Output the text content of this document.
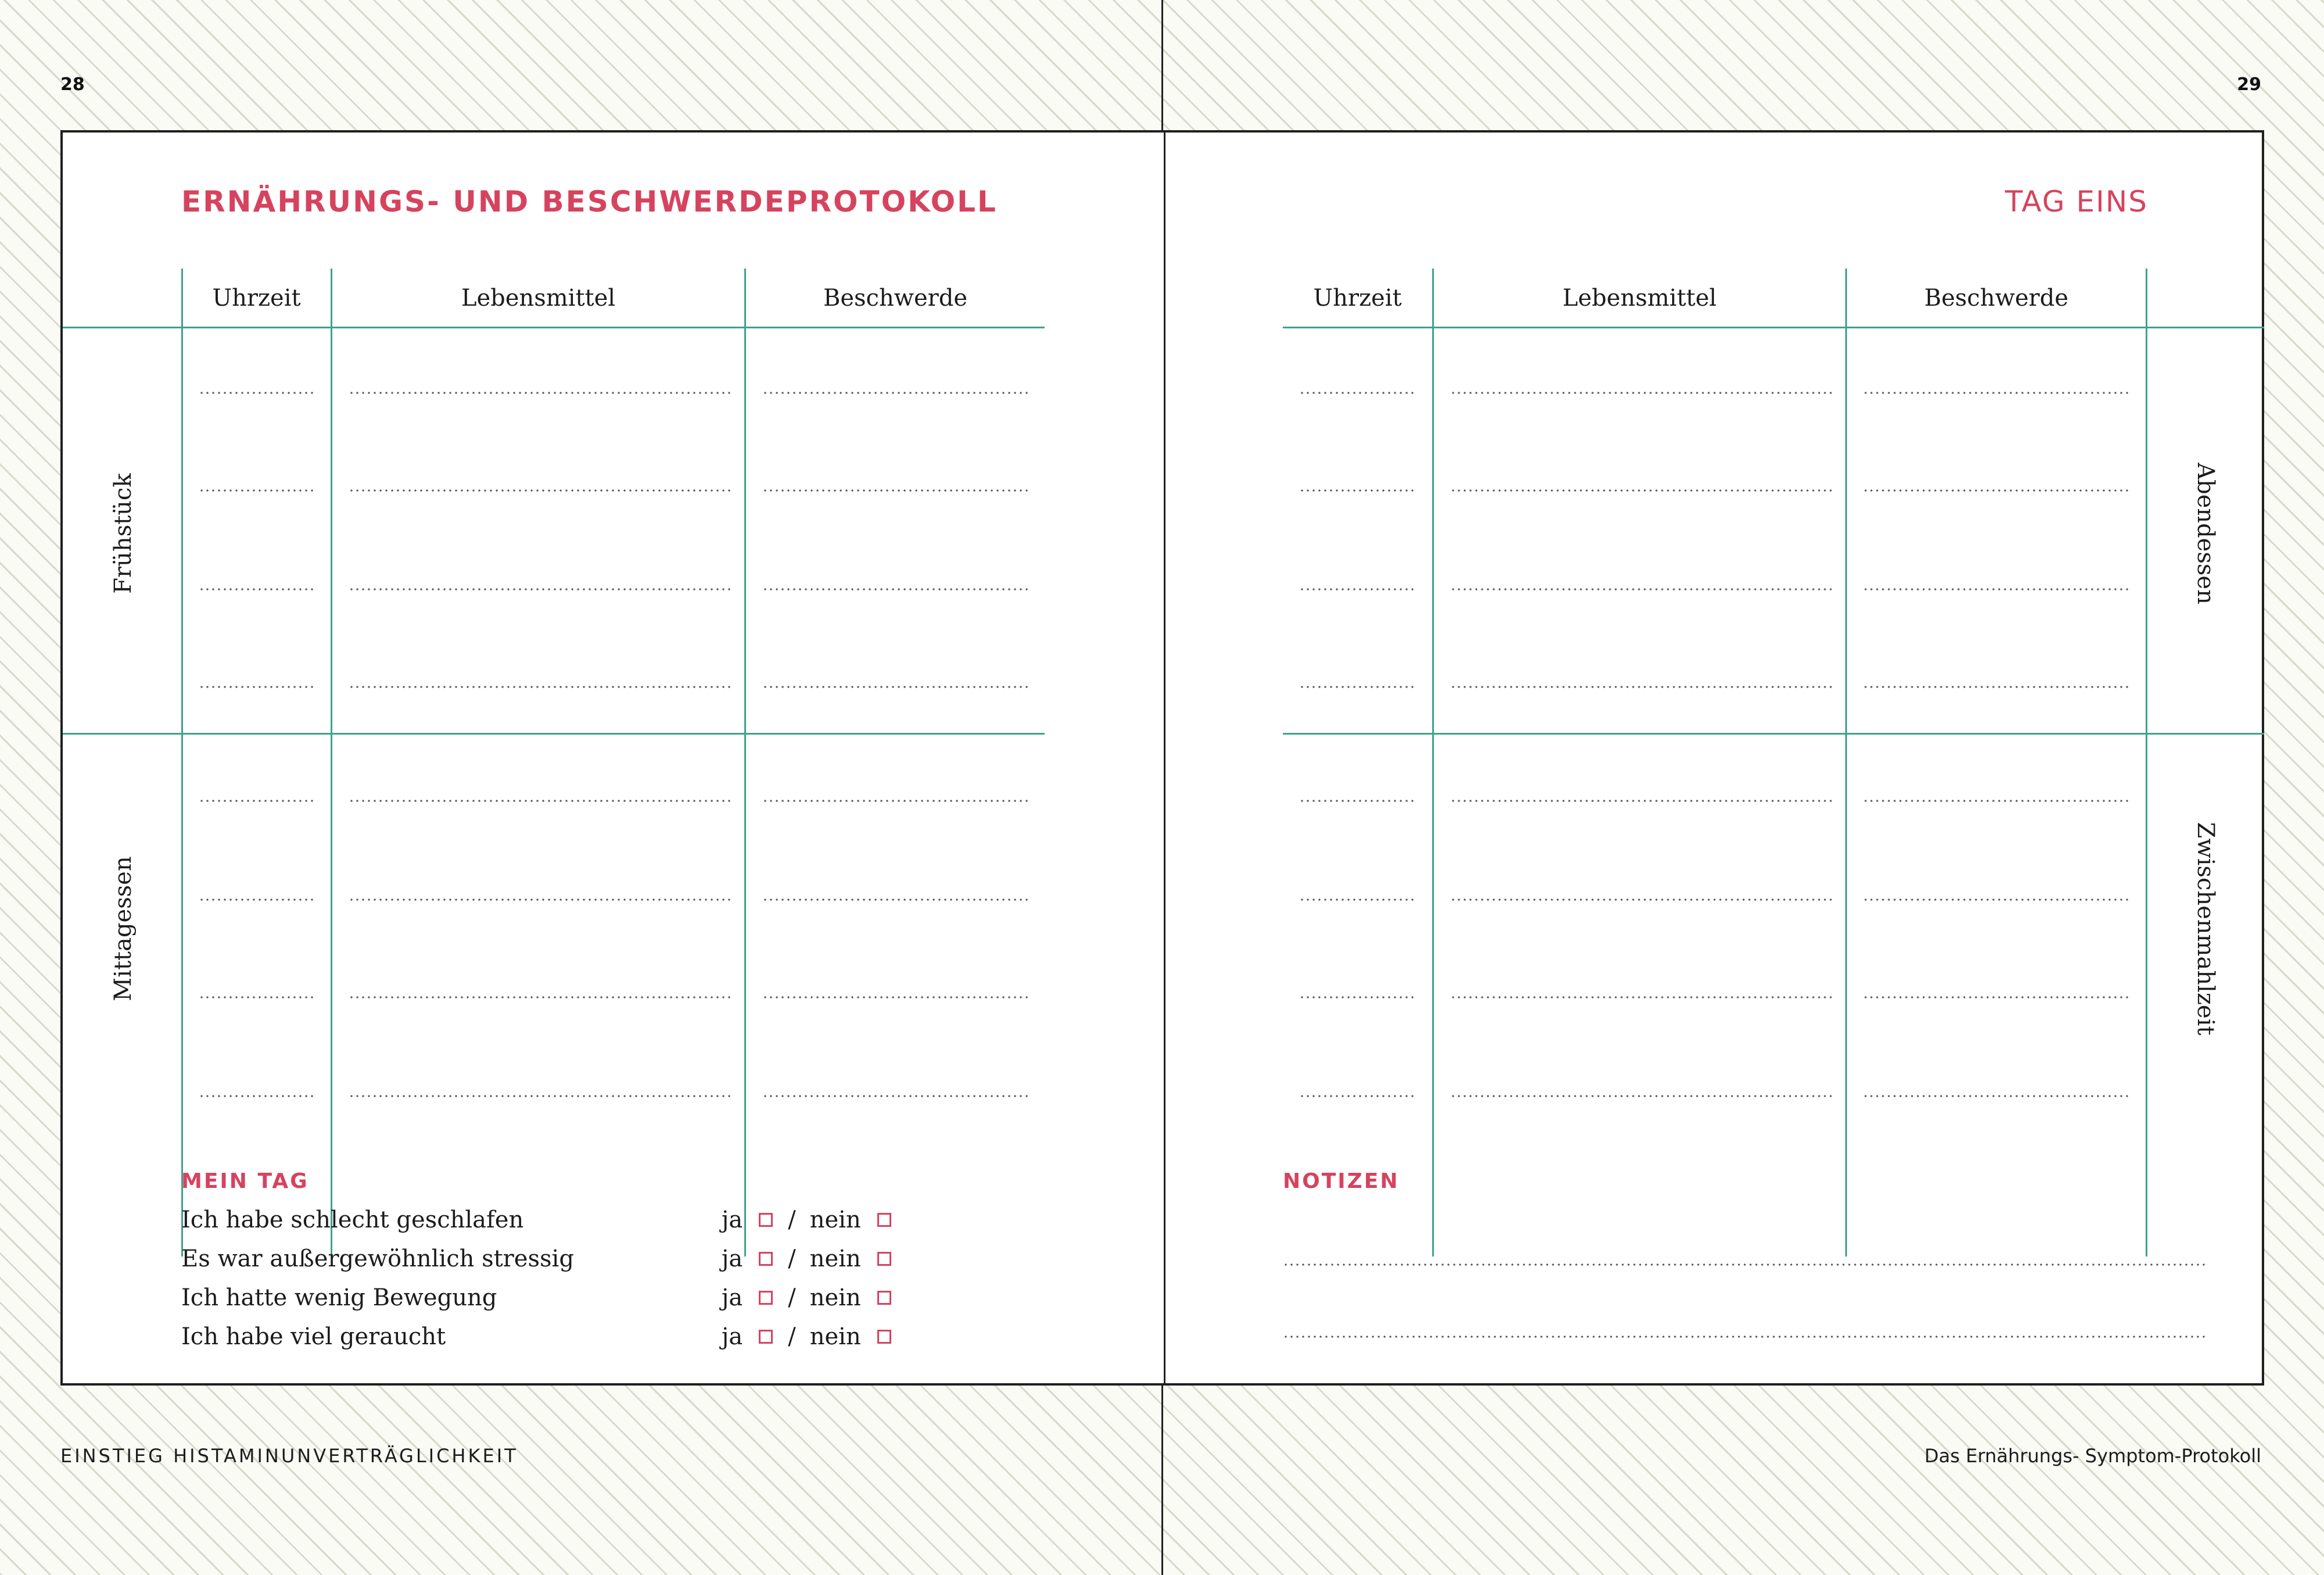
28	29
ERNÄHRUNGS- UND BESCHWERDEPROTOKOLL
Uhrzeit	Lebensmittel	Beschwerde
Frühstück
Mittagessen
MEIN TAG
Ich habe schlecht geschlafen	ja / nein
Es war außergewöhnlich stressig	ja / nein
Ich hatte wenig Bewegung	ja / nein
Ich habe viel geraucht	ja / nein
TAG EINS
Uhrzeit	Lebensmittel	Beschwerde
Abendessen
Zwischenmahlzeit
NOTIZEN
EINSTIEG HISTAMINUNVERTRÄGLICHKEIT	Das Ernährungs- Symptom-Protokoll
